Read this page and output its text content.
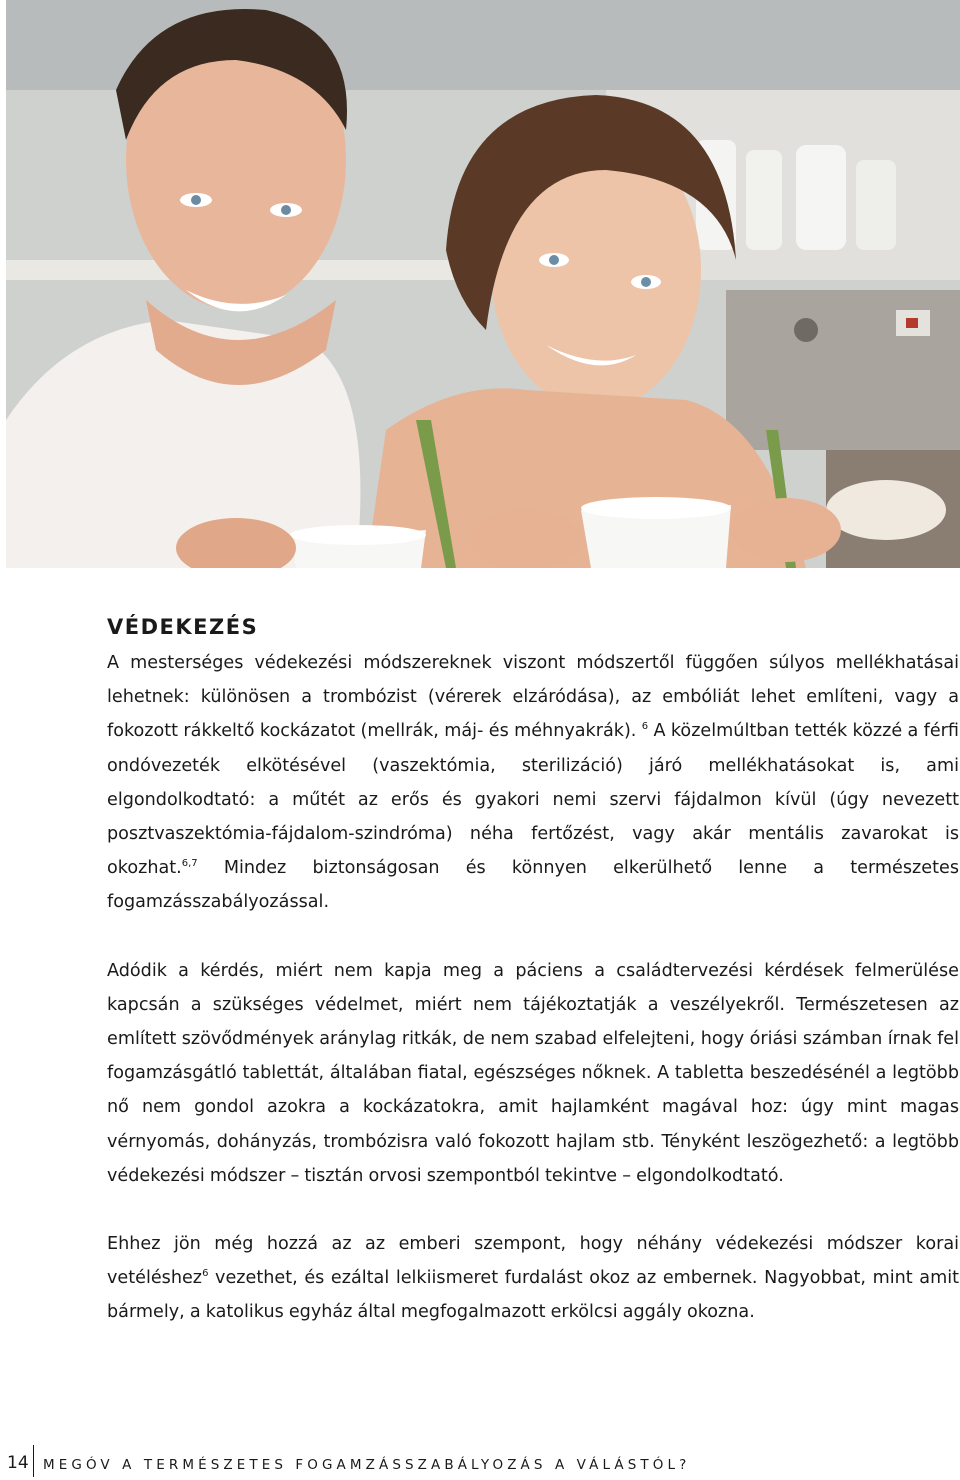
VÉDEKEZÉS

A mesterséges védekezési módszereknek viszont módszertől függően súlyos mellékhatásai lehetnek: különösen a trombózist (vérerek elzáródása), az embóliát lehet említeni, vagy a fokozott rákkeltő kockázatot (mellrák, máj- és méhnyakrák). $^6$ A közelmúltban tették közzé a férfi ondóvezeték elkötésével (vaszektómia, sterilizáció) járó mellékhatásokat is, ami elgondolkodtató: a műtét az erős és gyakori nemi szervi fájdalmon kívül (úgy nevezett posztvaszektómia-fájdalom-szindróma) néha fertőzést, vagy akár mentális zavarokat is okozhat.$^{6,7}$ Mindez biztonságosan és könnyen elkerülhető lenne a természetes fogamzásszabályozással.

Adódik a kérdés, miért nem kapja meg a páciens a családtervezési kérdések felmerülése kapcsán a szükséges védelmet, miért nem tájékoztatják a veszélyekről. Természetesen az említett szövődmények aránylag ritkák, de nem szabad elfelejteni, hogy óriási számban írnak fel fogamzásgátló tablettát, általában fiatal, egészséges nőknek. A tabletta beszedésénél a legtöbb nő nem gondol azokra a kockázatokra, amit hajlamként magával hoz: úgy mint magas vérnyomás, dohányzás, trombózisra való fokozott hajlam stb. Tényként leszögezhető: a legtöbb védekezési módszer – tisztán orvosi szempontból tekintve – elgondolkodtató.

Ehhez jön még hozzá az az emberi szempont, hogy néhány védekezési módszer korai vetéléshez$^6$ vezethet, és ezáltal lelkiismeret furdalást okoz az embernek. Nagyobbat, mint amit bármely, a katolikus egyház által megfogalmazott erkölcsi aggály okozna.

14 MEGÓV A TERMÉSZETES FOGAMZÁSSZABÁLYOZÁS A VÁLÁSTÓL?
